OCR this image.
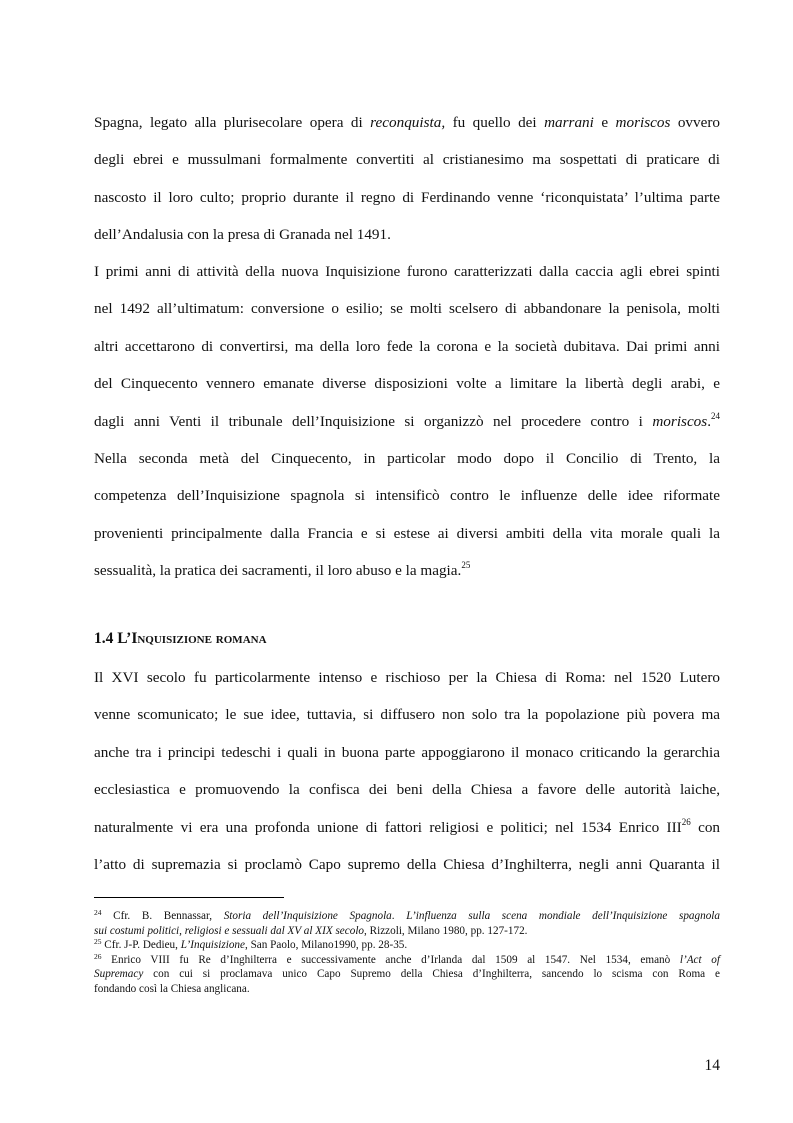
Spagna, legato alla plurisecolare opera di reconquista, fu quello dei marrani e moriscos ovvero
degli ebrei e mussulmani formalmente convertiti al cristianesimo ma sospettati di praticare di
nascosto il loro culto; proprio durante il regno di Ferdinando venne ‘riconquistata’ l’ultima parte
dell’Andalusia con la presa di Granada nel 1491.
I primi anni di attività della nuova Inquisizione furono caratterizzati dalla caccia agli ebrei spinti
nel 1492 all’ultimatum: conversione o esilio; se molti scelsero di abbandonare la penisola, molti
altri accettarono di convertirsi, ma della loro fede la corona e la società dubitava. Dai primi anni
del Cinquecento vennero emanate diverse disposizioni volte a limitare la libertà degli arabi, e
dagli anni Venti il tribunale dell’Inquisizione si organizzò nel procedere contro i moriscos.$^{24}$
Nella seconda metà del Cinquecento, in particolar modo dopo il Concilio di Trento, la
competenza dell’Inquisizione spagnola si intensificò contro le influenze delle idee riformate
provenienti principalmente dalla Francia e si estese ai diversi ambiti della vita morale quali la
sessualità, la pratica dei sacramenti, il loro abuso e la magia.$^{25}$
1.4 L’Inquisizione romana
Il XVI secolo fu particolarmente intenso e rischioso per la Chiesa di Roma: nel 1520 Lutero
venne scomunicato; le sue idee, tuttavia, si diffusero non solo tra la popolazione più povera ma
anche tra i principi tedeschi i quali in buona parte appoggiarono il monaco criticando la gerarchia
ecclesiastica e promuovendo la confisca dei beni della Chiesa a favore delle autorità laiche,
naturalmente vi era una profonda unione di fattori religiosi e politici; nel 1534 Enrico III$^{26}$ con
l’atto di supremazia si proclamò Capo supremo della Chiesa d’Inghilterra, negli anni Quaranta il

$^{24}$ Cfr. B. Bennassar, Storia dell’Inquisizione Spagnola. L’influenza sulla scena mondiale dell’Inquisizione spagnola
sui costumi politici, religiosi e sessuali dal XV al XIX secolo, Rizzoli, Milano 1980, pp. 127-172.

$^{25}$ Cfr. J-P. Dedieu, L’Inquisizione, San Paolo, Milano1990, pp. 28-35.

$^{26}$ Enrico VIII fu Re d’Inghilterra e successivamente anche d’Irlanda dal 1509 al 1547. Nel 1534, emanò l’Act of
Supremacy con cui si proclamava unico Capo Supremo della Chiesa d’Inghilterra, sancendo lo scisma con Roma e
fondando così la Chiesa anglicana.

14
